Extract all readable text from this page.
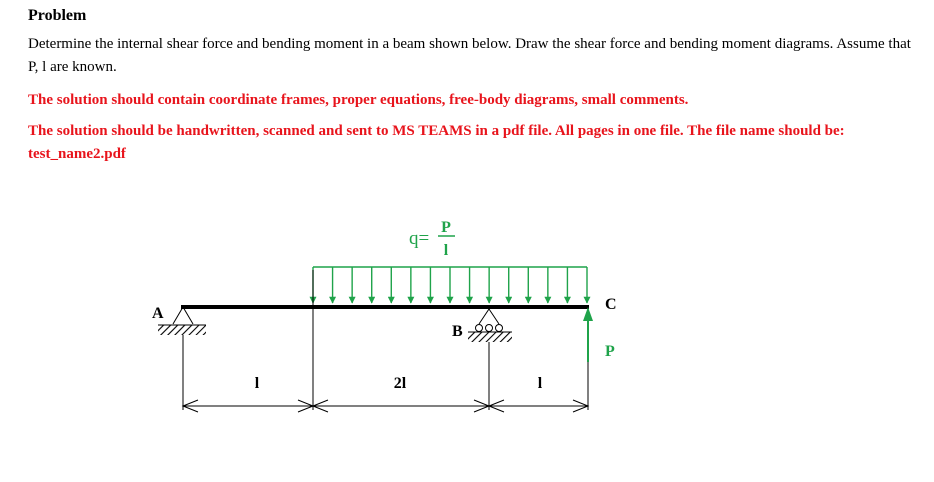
Problem

Determine the internal shear force and bending moment in a beam shown below. Draw the shear force and bending moment diagrams. Assume that P, l are known.

The solution should contain coordinate frames, proper equations, free-body diagrams, small comments.

The solution should be handwritten, scanned and sent to MS TEAMS in a pdf file. All pages in one file. The file name should be: test_name2.pdf

q=
P
l
A
B
C
P
l	2l	l
